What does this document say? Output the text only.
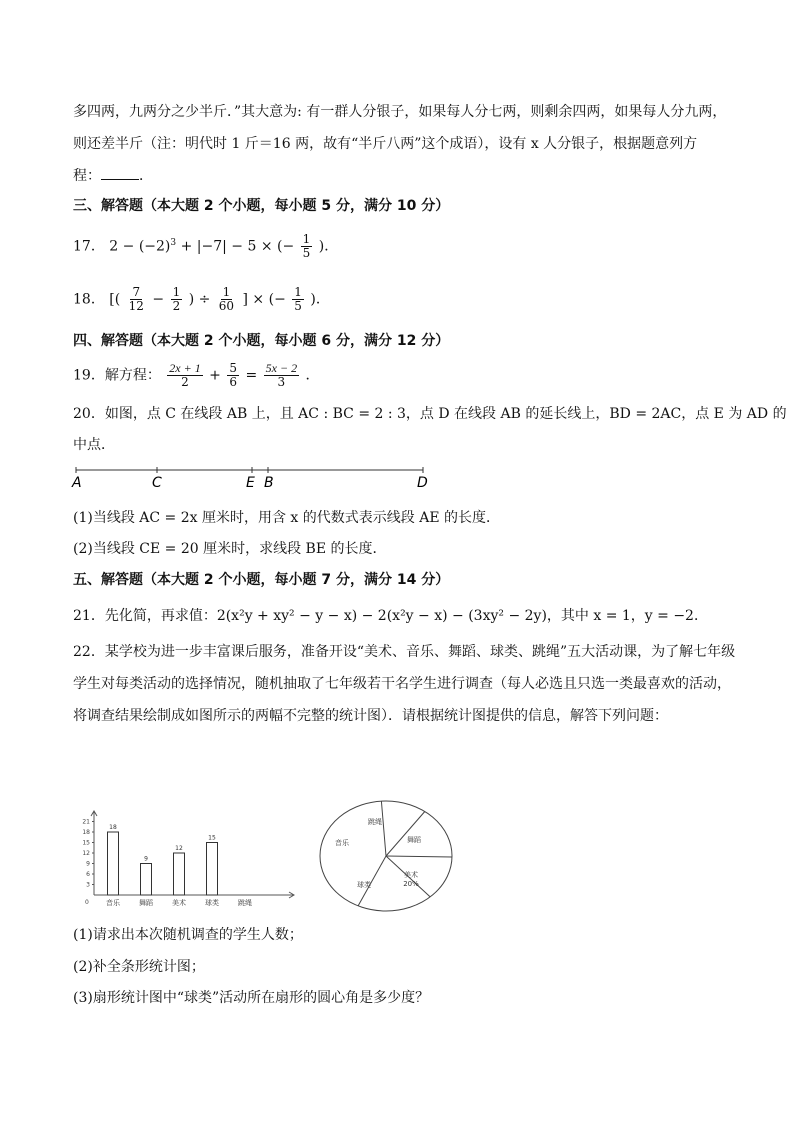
多四两，九两分之少半斤．”其大意为: 有一群人分银子，如果每人分七两，则剩余四两，如果每人分九两，
则还差半斤（注：明代时 1 斤＝16 两，故有“半斤八两”这个成语），设有 x 人分银子，根据题意列方
程：	．
三、解答题（本大题 2 个小题，每小题 5 分，满分 10 分）
17． $2 - (-2)^3 + |-7| - 5$ × (− $\frac{1}{5}$ )．
18． [( $\frac{7}{12} - \frac{1}{2}$ ) ÷ $\frac{1}{60}$ ] × (− $\frac{1}{5}$ )．
四、解答题（本大题 2 个小题，每小题 6 分，满分 12 分）
19．解方程： $\frac{2x + 1}{2} + \frac{5}{6} = \frac{5x - 2}{3}$ ．
20．如图，点 C 在线段 AB 上，且 AC : BC = 2 : 3，点 D 在线段 AB 的延长线上，BD = 2AC，点 E 为 AD 的
中点．
A	C	E B	D
(1)当线段 AC = 2x 厘米时，用含 x 的代数式表示线段 AE 的长度．
(2)当线段 CE = 20 厘米时，求线段 BE 的长度．
五、解答题（本大题 2 个小题，每小题 7 分，满分 14 分）
21．先化简，再求值：2(x²y + xy² − y − x) − 2(x²y − x) − (3xy² − 2y)，其中 x = 1，y = −2．
22．某学校为进一步丰富课后服务，准备开设“美术、音乐、舞蹈、球类、跳绳”五大活动课，为了解七年级
学生对每类活动的选择情况，随机抽取了七年级若干名学生进行调查（每人必选且只选一类最喜欢的活动，
将调查结果绘制成如图所示的两幅不完整的统计图）．请根据统计图提供的信息，解答下列问题：
0
3
6
9
12
15
18
21
18
音乐
9
舞蹈
12
美术
15
球类	跳绳
跳绳
舞蹈
美术
20%
球类
音乐
(1)请求出本次随机调查的学生人数；
(2)补全条形统计图；
(3)扇形统计图中“球类”活动所在扇形的圆心角是多少度？
